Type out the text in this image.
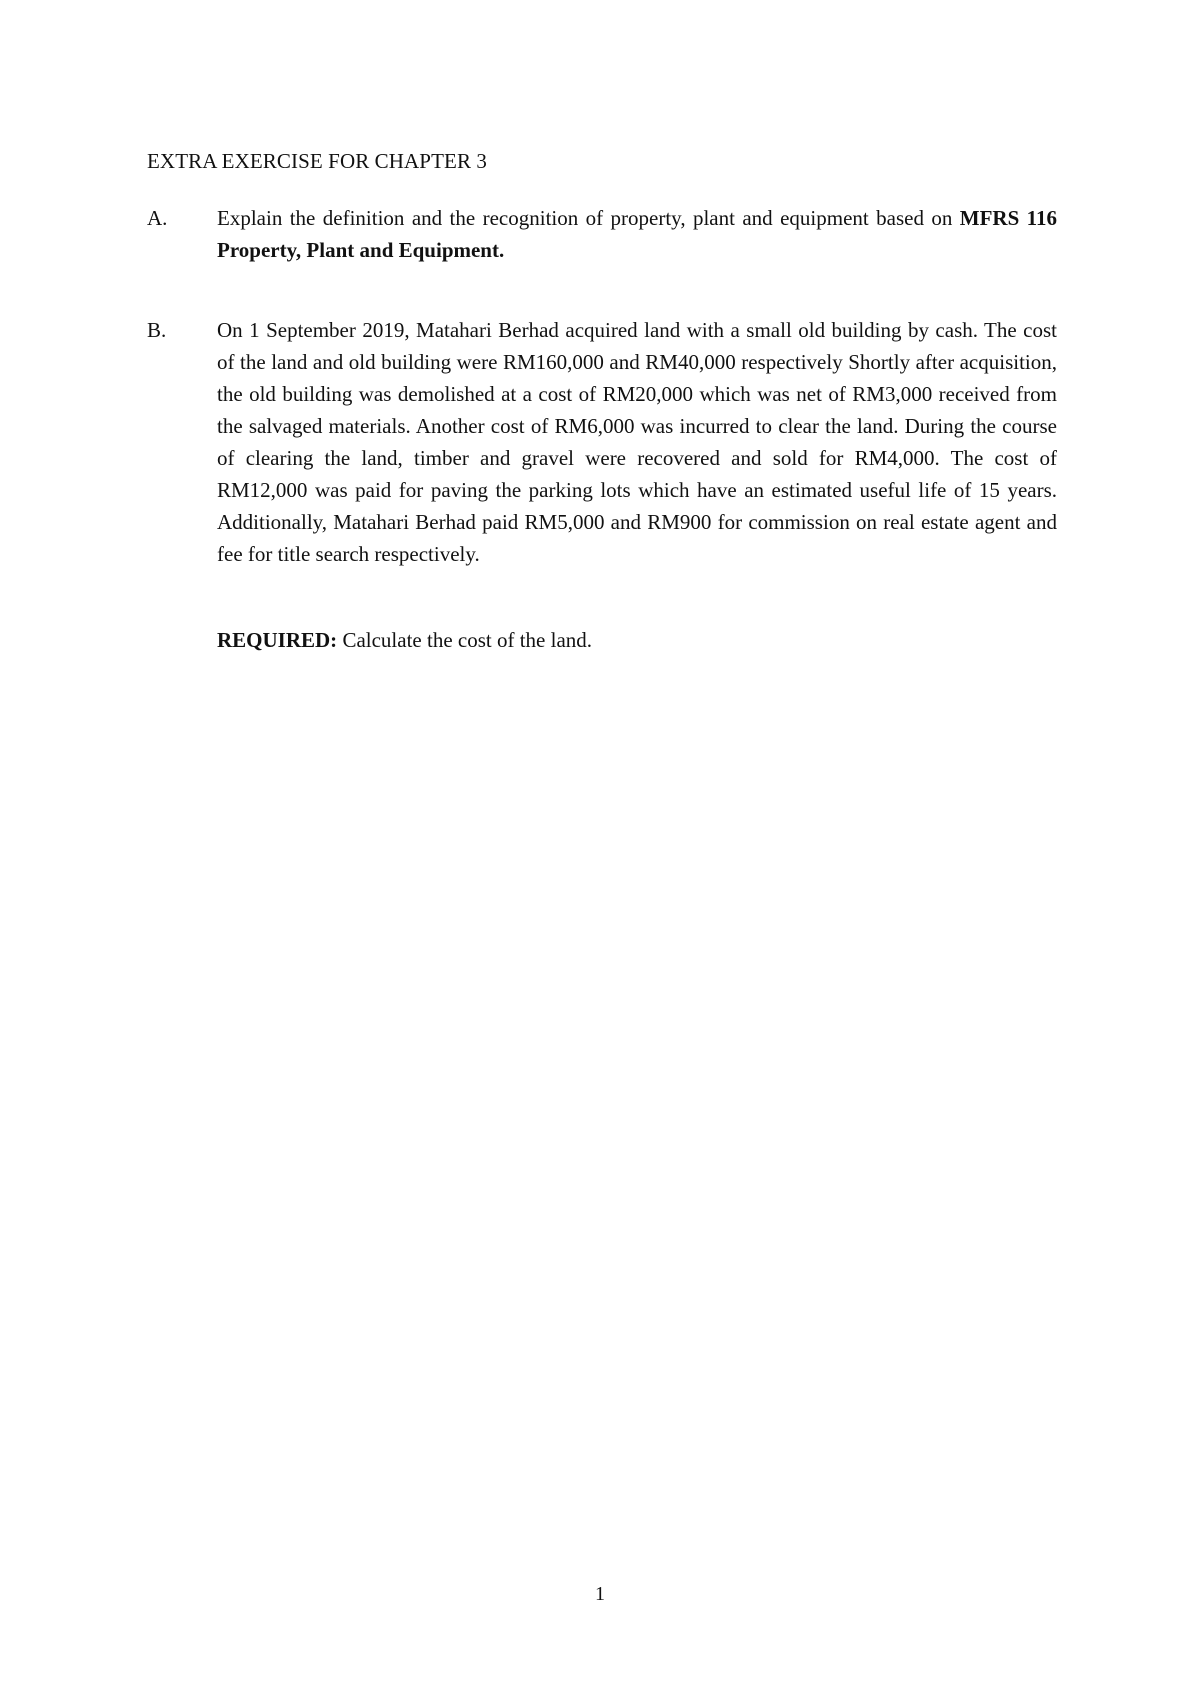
EXTRA EXERCISE FOR CHAPTER 3
A. Explain the definition and the recognition of property, plant and equipment based on MFRS 116 Property, Plant and Equipment.

B. On 1 September 2019, Matahari Berhad acquired land with a small old building by cash. The cost of the land and old building were RM160,000 and RM40,000 respectively Shortly after acquisition, the old building was demolished at a cost of RM20,000 which was net of RM3,000 received from the salvaged materials. Another cost of RM6,000 was incurred to clear the land. During the course of clearing the land, timber and gravel were recovered and sold for RM4,000. The cost of RM12,000 was paid for paving the parking lots which have an estimated useful life of 15 years. Additionally, Matahari Berhad paid RM5,000 and RM900 for commission on real estate agent and fee for title search respectively.

REQUIRED: Calculate the cost of the land.

1
